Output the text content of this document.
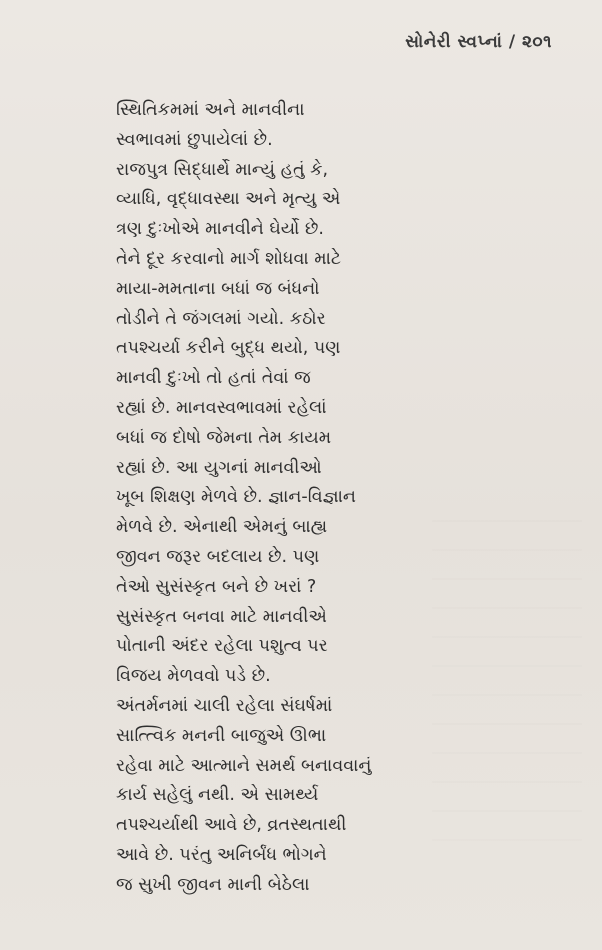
સોનેરી સ્વપ્નાં / ૨૦૧
સ્થિતિકમમાં અને માનવીના
સ્વભાવમાં છુપાયેલાં છે.
રાજપુત્ર સિદ્ધાર્થે માન્યું હતું કે,
વ્યાધિ, વૃદ્ધાવસ્થા અને મૃત્યુ એ
ત્રણ દુઃખોએ માનવીને ઘેર્યો છે.
તેને દૂર કરવાનો માર્ગ શોધવા માટે
માયા-મમતાના બધાં જ બંધનો
તોડીને તે જંગલમાં ગયો. કઠોર
તપશ્ચર્યા કરીને બુદ્ધ થયો, પણ
માનવી દુઃખો તો હતાં તેવાં જ
રહ્યાં છે. માનવસ્વભાવમાં રહેલાં
બધાં જ દોષો જેમના તેમ કાયમ
રહ્યાં છે. આ યુગનાં માનવીઓ
ખૂબ શિક્ષણ મેળવે છે. જ્ઞાન-વિજ્ઞાન
મેળવે છે. એનાથી એમનું બાહ્ય
જીવન જરૂર બદલાય છે. પણ
તેઓ સુસંસ્કૃત બને છે ખરાં ?
સુસંસ્કૃત બનવા માટે માનવીએ
પોતાની અંદર રહેલા પશુત્વ પર
વિજય મેળવવો પડે છે.
અંતર્મનમાં ચાલી રહેલા સંઘર્ષમાં
સાત્ત્વિક મનની બાજુએ ઊભા
રહેવા માટે આત્માને સમર્થ બનાવવાનું
કાર્ય સહેલું નથી. એ સામર્થ્ય
તપશ્ચર્યાથી આવે છે, વ્રતસ્થતાથી
આવે છે. પરંતુ અનિર્બંધ ભોગને
જ સુખી જીવન માની બેઠેલા
